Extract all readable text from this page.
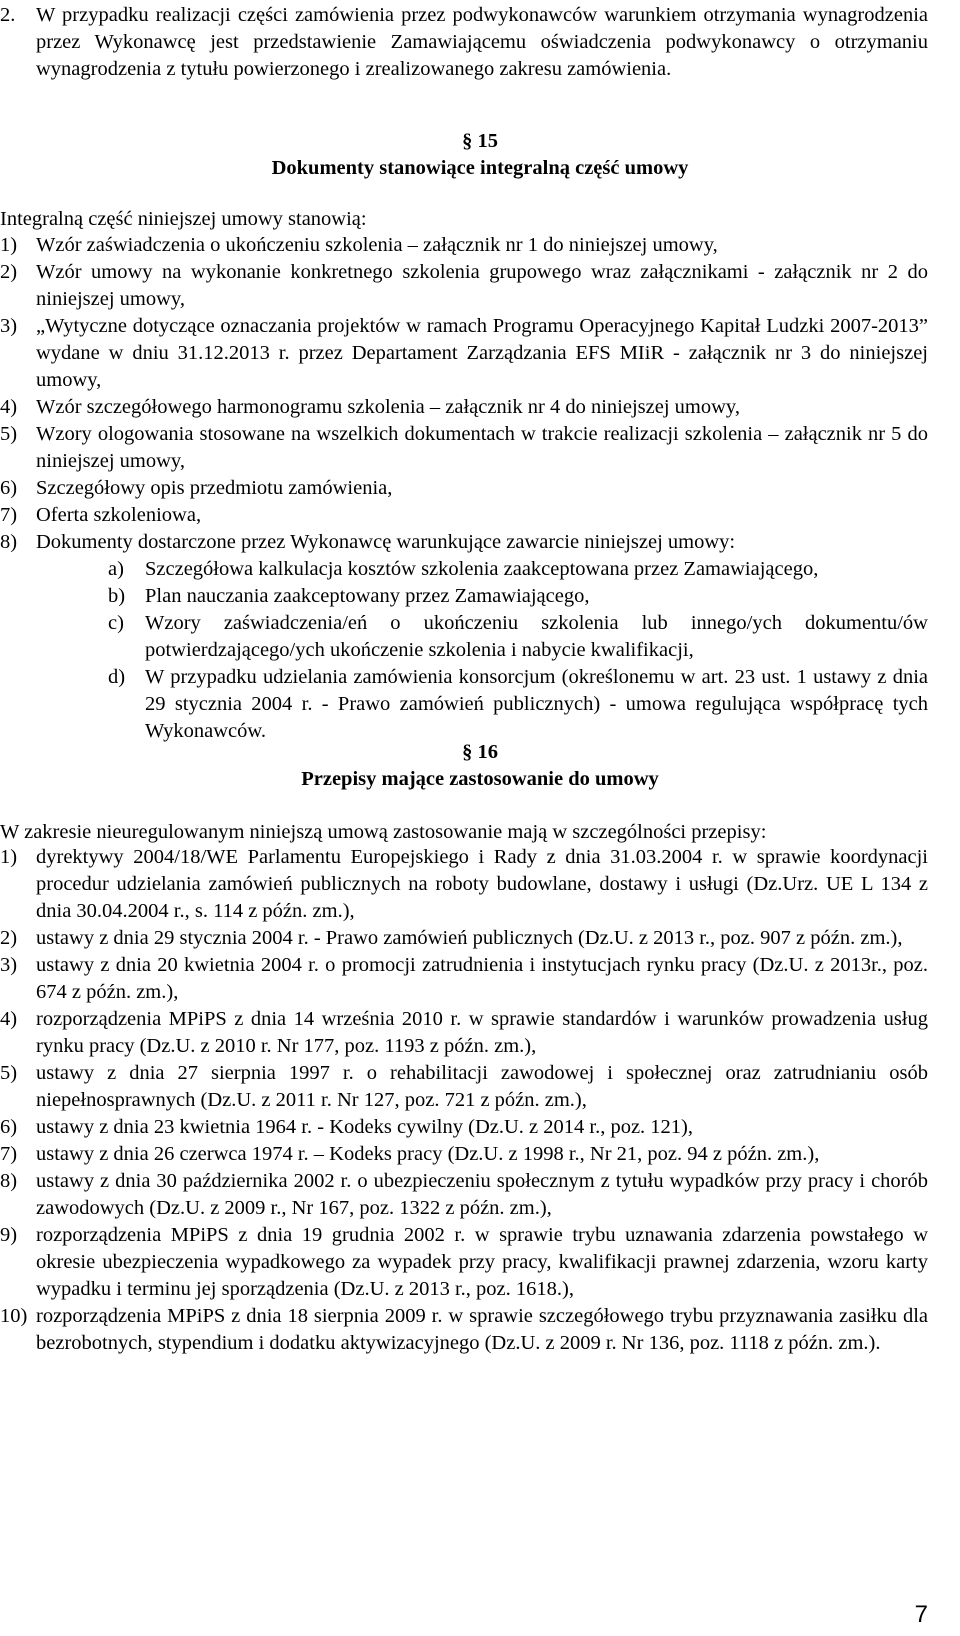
2.	W przypadku realizacji części zamówienia przez podwykonawców warunkiem otrzymania wynagrodzenia przez Wykonawcę jest przedstawienie Zamawiającemu oświadczenia podwykonawcy o otrzymaniu wynagrodzenia z tytułu powierzonego i zrealizowanego zakresu zamówienia.
§ 15
Dokumenty stanowiące integralną część umowy
Integralną część niniejszej umowy stanowią:
1) Wzór zaświadczenia o ukończeniu szkolenia – załącznik nr 1 do niniejszej umowy,
2) Wzór umowy na wykonanie konkretnego szkolenia grupowego wraz załącznikami - załącznik nr 2 do niniejszej umowy,
3) „Wytyczne dotyczące oznaczania projektów w ramach Programu Operacyjnego Kapitał Ludzki 2007-2013” wydane w dniu 31.12.2013 r. przez Departament Zarządzania EFS MIiR - załącznik nr 3 do niniejszej umowy,
4) Wzór szczegółowego harmonogramu szkolenia – załącznik nr 4 do niniejszej umowy,
5) Wzory ologowania stosowane na wszelkich dokumentach w trakcie realizacji szkolenia – załącznik nr 5 do niniejszej umowy,
6) Szczegółowy opis przedmiotu zamówienia,
7) Oferta szkoleniowa,
8) Dokumenty dostarczone przez Wykonawcę warunkujące zawarcie niniejszej umowy:
a) Szczegółowa kalkulacja kosztów szkolenia zaakceptowana przez Zamawiającego,
b) Plan nauczania zaakceptowany przez Zamawiającego,
c) Wzory zaświadczenia/eń o ukończeniu szkolenia lub innego/ych dokumentu/ów potwierdzającego/ych ukończenie szkolenia i nabycie kwalifikacji,
d) W przypadku udzielania zamówienia konsorcjum (określonemu w art. 23 ust. 1 ustawy z dnia 29 stycznia 2004 r. - Prawo zamówień publicznych) - umowa regulująca współpracę tych Wykonawców.
§ 16
Przepisy mające zastosowanie do umowy
W zakresie nieuregulowanym niniejszą umową zastosowanie mają w szczególności przepisy:
1) dyrektywy 2004/18/WE Parlamentu Europejskiego i Rady z dnia 31.03.2004 r. w sprawie koordynacji procedur udzielania zamówień publicznych na roboty budowlane, dostawy i usługi (Dz.Urz. UE L 134 z dnia 30.04.2004 r., s. 114 z późn. zm.),
2) ustawy z dnia 29 stycznia 2004 r. - Prawo zamówień publicznych (Dz.U. z 2013 r., poz. 907 z późn. zm.),
3) ustawy z dnia 20 kwietnia 2004 r. o promocji zatrudnienia i instytucjach rynku pracy (Dz.U. z 2013r., poz. 674 z późn. zm.),
4) rozporządzenia MPiPS z dnia 14 września 2010 r. w sprawie standardów i warunków prowadzenia usług rynku pracy (Dz.U. z 2010 r. Nr 177, poz. 1193 z późn. zm.),
5) ustawy z dnia 27 sierpnia 1997 r. o rehabilitacji zawodowej i społecznej oraz zatrudnianiu osób niepełnosprawnych (Dz.U. z 2011 r. Nr 127, poz. 721 z późn. zm.),
6) ustawy z dnia 23 kwietnia 1964 r. - Kodeks cywilny (Dz.U. z 2014 r., poz. 121),
7) ustawy z dnia 26 czerwca 1974 r. – Kodeks pracy (Dz.U. z 1998 r., Nr 21, poz. 94 z późn. zm.),
8) ustawy z dnia 30 października 2002 r. o ubezpieczeniu społecznym z tytułu wypadków przy pracy i chorób zawodowych (Dz.U. z 2009 r., Nr 167, poz. 1322 z późn. zm.),
9) rozporządzenia MPiPS z dnia 19 grudnia 2002 r. w sprawie trybu uznawania zdarzenia powstałego w okresie ubezpieczenia wypadkowego za wypadek przy pracy, kwalifikacji prawnej zdarzenia, wzoru karty wypadku i terminu jej sporządzenia (Dz.U. z 2013 r., poz. 1618.),
10) rozporządzenia MPiPS z dnia 18 sierpnia 2009 r. w sprawie szczegółowego trybu przyznawania zasiłku dla bezrobotnych, stypendium i dodatku aktywizacyjnego (Dz.U. z 2009 r. Nr 136, poz. 1118 z późn. zm.).
7
